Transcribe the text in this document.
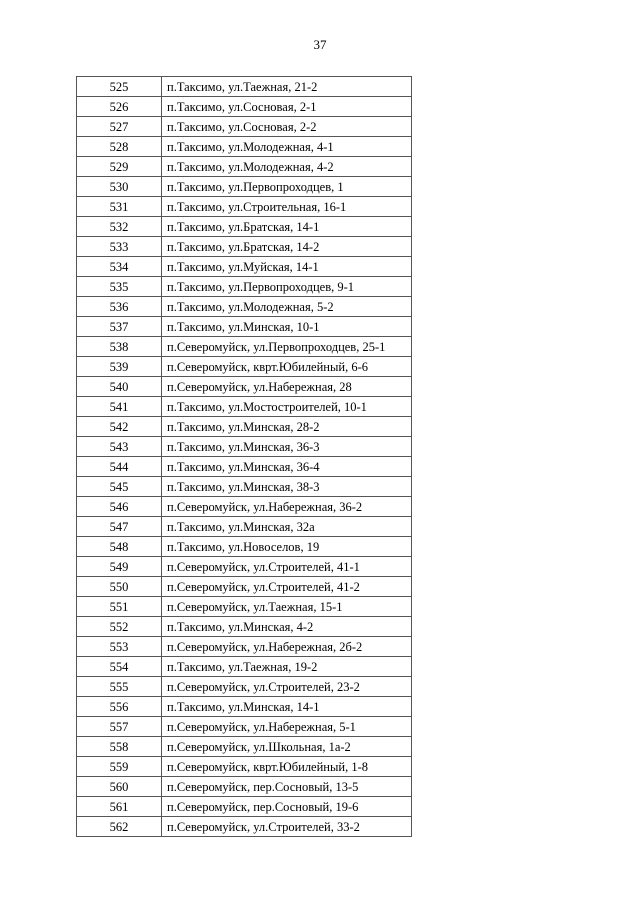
37
525	п.Таксимо, ул.Таежная, 21-2
526	п.Таксимо, ул.Сосновая, 2-1
527	п.Таксимо, ул.Сосновая, 2-2
528	п.Таксимо, ул.Молодежная, 4-1
529	п.Таксимо, ул.Молодежная, 4-2
530	п.Таксимо, ул.Первопроходцев, 1
531	п.Таксимо, ул.Строительная, 16-1
532	п.Таксимо, ул.Братская, 14-1
533	п.Таксимо, ул.Братская, 14-2
534	п.Таксимо, ул.Муйская, 14-1
535	п.Таксимо, ул.Первопроходцев, 9-1
536	п.Таксимо, ул.Молодежная, 5-2
537	п.Таксимо, ул.Минская, 10-1
538	п.Северомуйск, ул.Первопроходцев, 25-1
539	п.Северомуйск, кврт.Юбилейный, 6-6
540	п.Северомуйск, ул.Набережная, 28
541	п.Таксимо, ул.Мостостроителей, 10-1
542	п.Таксимо, ул.Минская, 28-2
543	п.Таксимо, ул.Минская, 36-3
544	п.Таксимо, ул.Минская, 36-4
545	п.Таксимо, ул.Минская, 38-3
546	п.Северомуйск, ул.Набережная, 36-2
547	п.Таксимо, ул.Минская, 32а
548	п.Таксимо, ул.Новоселов, 19
549	п.Северомуйск, ул.Строителей, 41-1
550	п.Северомуйск, ул.Строителей, 41-2
551	п.Северомуйск, ул.Таежная, 15-1
552	п.Таксимо, ул.Минская, 4-2
553	п.Северомуйск, ул.Набережная, 2б-2
554	п.Таксимо, ул.Таежная, 19-2
555	п.Северомуйск, ул.Строителей, 23-2
556	п.Таксимо, ул.Минская, 14-1
557	п.Северомуйск, ул.Набережная, 5-1
558	п.Северомуйск, ул.Школьная, 1а-2
559	п.Северомуйск, кврт.Юбилейный, 1-8
560	п.Северомуйск, пер.Сосновый, 13-5
561	п.Северомуйск, пер.Сосновый, 19-6
562	п.Северомуйск, ул.Строителей, 33-2
